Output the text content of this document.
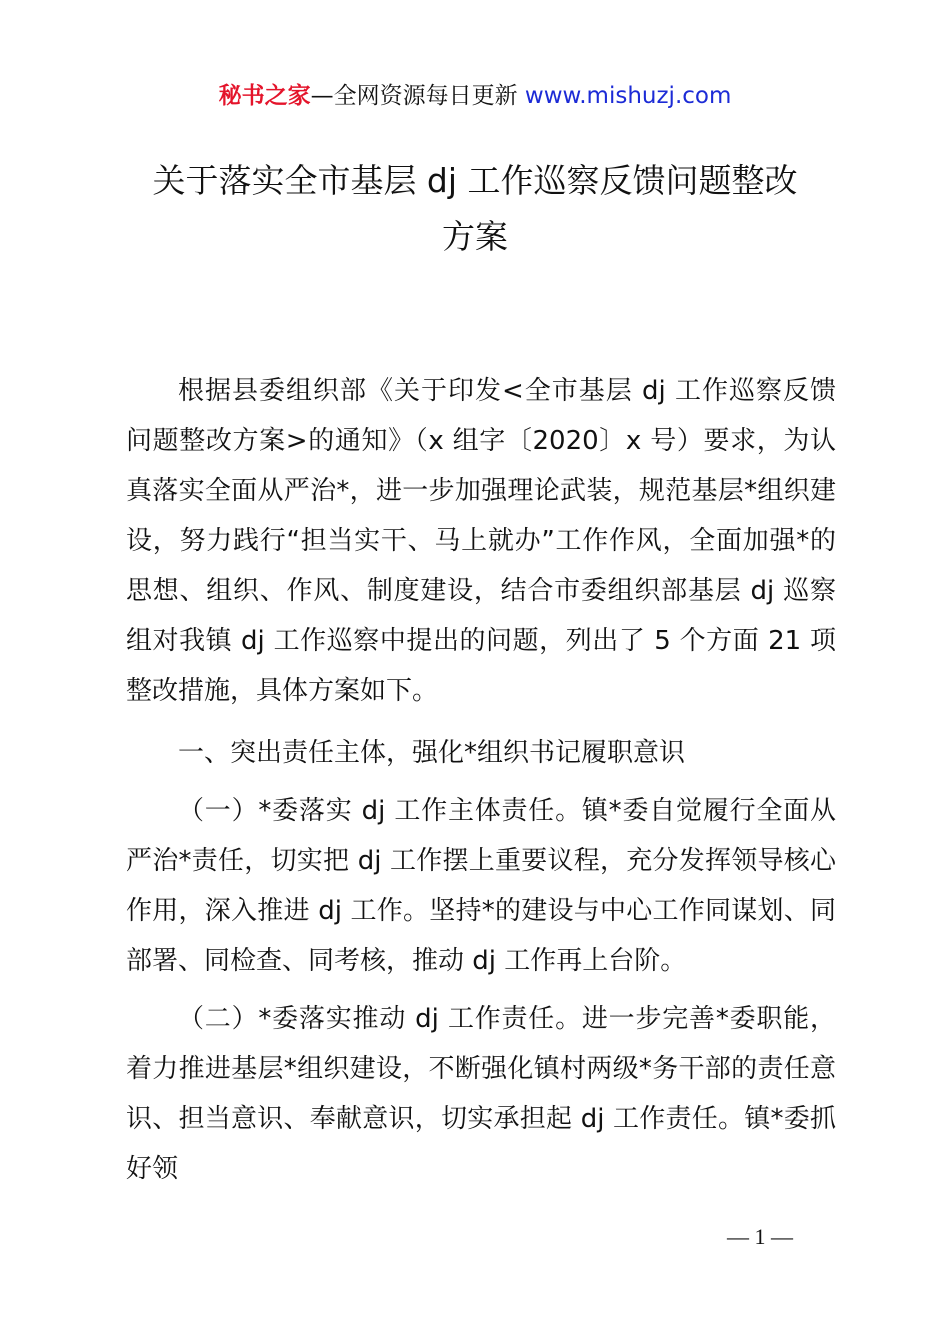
秘书之家—全网资源每日更新 www.mishuzj.com
关于落实全市基层 dj 工作巡察反馈问题整改
方案

根据县委组织部《关于印发<全市基层 dj 工作巡察反馈问题整改方案>的通知》（x 组字〔2020〕x 号）要求，为认真落实全面从严治*，进一步加强理论武装，规范基层*组织建设，努力践行“担当实干、马上就办”工作作风，全面加强*的思想、组织、作风、制度建设，结合市委组织部基层 dj 巡察组对我镇 dj 工作巡察中提出的问题，列出了 5 个方面 21 项整改措施，具体方案如下。

一、突出责任主体，强化*组织书记履职意识

（一）*委落实 dj 工作主体责任。镇*委自觉履行全面从严治*责任，切实把 dj 工作摆上重要议程，充分发挥领导核心作用，深入推进 dj 工作。坚持*的建设与中心工作同谋划、同部署、同检查、同考核，推动 dj 工作再上台阶。

（二）*委落实推动 dj 工作责任。进一步完善*委职能，着力推进基层*组织建设，不断强化镇村两级*务干部的责任意识、担当意识、奉献意识，切实承担起 dj 工作责任。镇*委抓好领

— 1 —
